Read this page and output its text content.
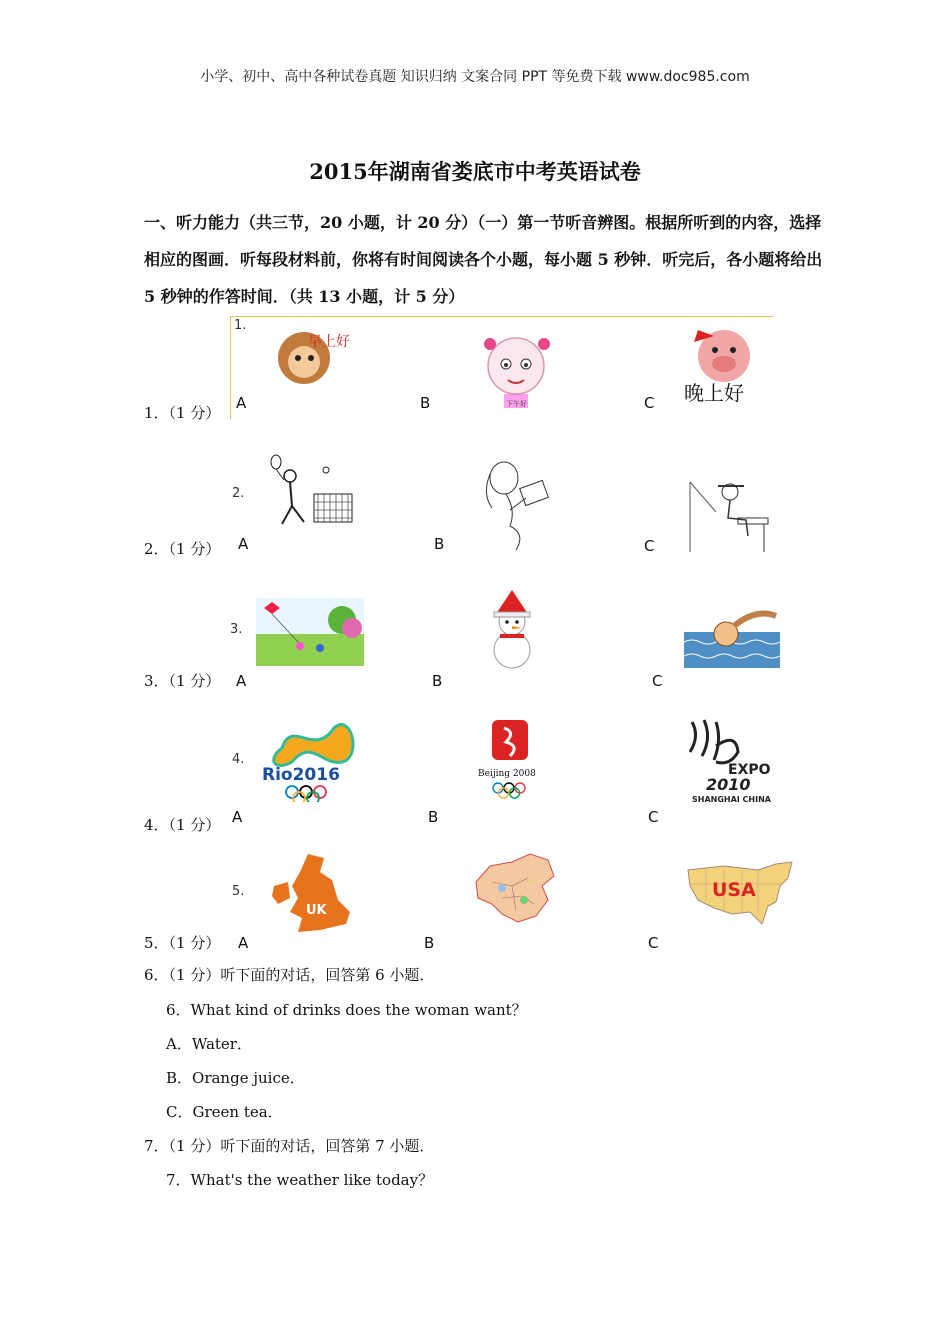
小学、初中、高中各种试卷真题 知识归纳 文案合同 PPT 等免费下载 www.doc985.com
2015年湖南省娄底市中考英语试卷
一、听力能力（共三节，20 小题，计 20 分）（一）第一节听音辨图。根据所听到的内容，选择相应的图画．听每段材料前，你将有时间阅读各个小题，每小题 5 秒钟．听完后，各小题将给出 5 秒钟的作答时间．（共 13 小题，计 5 分）
1.
1．（1 分）
A	B	C
早上好
下午好	晚上好
2.
2．（1 分） A	B	C
3.
3．（1 分） A	B	C
4.
4．（1 分） A	B	C
Rio2016	Beijing 2008	EXPO
2010
SHANGHAI CHINA
5.
5．（1 分） A	B	C
UK
USA
6．（1 分）听下面的对话，回答第 6 小题．
6．What kind of drinks does the woman want？
A．Water．
B．Orange juice．
C．Green tea．
7．（1 分）听下面的对话，回答第 7 小题．
7．What's the weather like today？
